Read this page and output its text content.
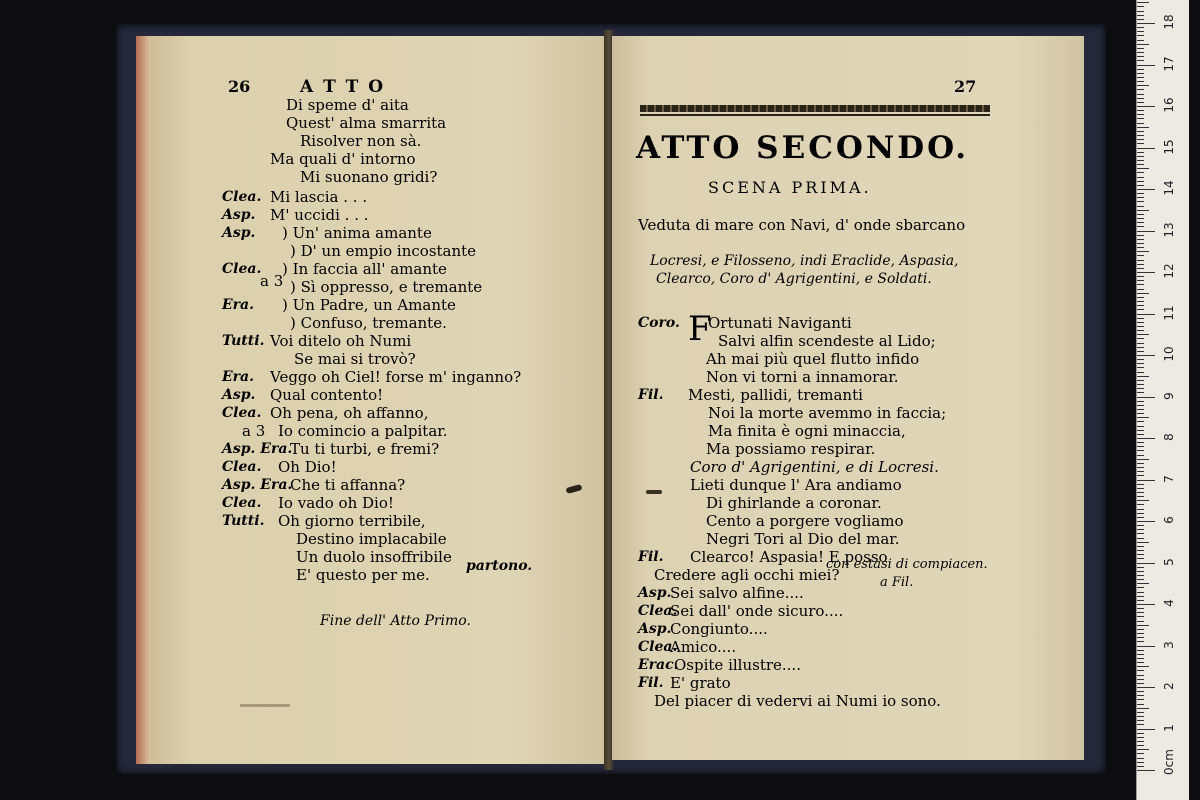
26	A T T O
Di speme d' aita
Quest' alma smarrita
Risolver non sà.
Ma quali d' intorno
Mi suonano gridi?
Clea. Mi lascia . . .
Asp. M' uccidi . . .
Asp. ) Un' anima amante
) D' un empio incostante
Clea. ) In faccia all' amante
) Sì oppresso, e tremante
Era. ) Un Padre, un Amante
) Confuso, tremante.
Tutti. Voi ditelo oh Numi
Se mai si trovò?
Era. Veggo oh Ciel! forse m' inganno?
Asp. Qual contento!
Clea. Oh pena, oh affanno,
a 3 Io comincio a palpitar.
Asp. Era.
Tu ti turbi, e fremi?
Clea. Oh Dio!
Asp. Era.
Che ti affanna?
Clea. Io vado oh Dio!
Tutti. Oh giorno terribile,
Destino implacabile
Un duolo insoffribile
E' questo per me.
a 3
partono.
Fine dell' Atto Primo.
27
ATTO SECONDO.
SCENA PRIMA.
Veduta di mare con Navi, d' onde sbarcano
Locresi, e Filosseno, indi Eraclide, Aspasia,
Clearco, Coro d' Agrigentini, e Soldati.
F
Coro. Ortunati Naviganti
Salvi alfin scendeste al Lido;
Ah mai più quel flutto infido
Non vi torni a innamorar.
Fil. Mesti, pallidi, tremanti
Noi la morte avemmo in faccia;
Ma finita è ogni minaccia,
Ma possiamo respirar.
Coro d' Agrigentini, e di Locresi.
Lieti dunque l' Ara andiamo
Di ghirlande a coronar.
Cento a porgere vogliamo
Negri Tori al Dio del mar.
Fil. Clearco! Aspasia! E posso
Credere agli occhi miei?
Asp.
Sei salvo alfine....
Clea.
Sei dall' onde sicuro....
Asp.
Congiunto....
Clea.
Amico....
Erac.
Ospite illustre....
Fil. E' grato
Del piacer di vedervi ai Numi io sono.
con estasi di compiacen.
a Fil.
0cm
1
2
3
4
5
6
7
8
9
10
11
12
13
14
15
16
17
18
